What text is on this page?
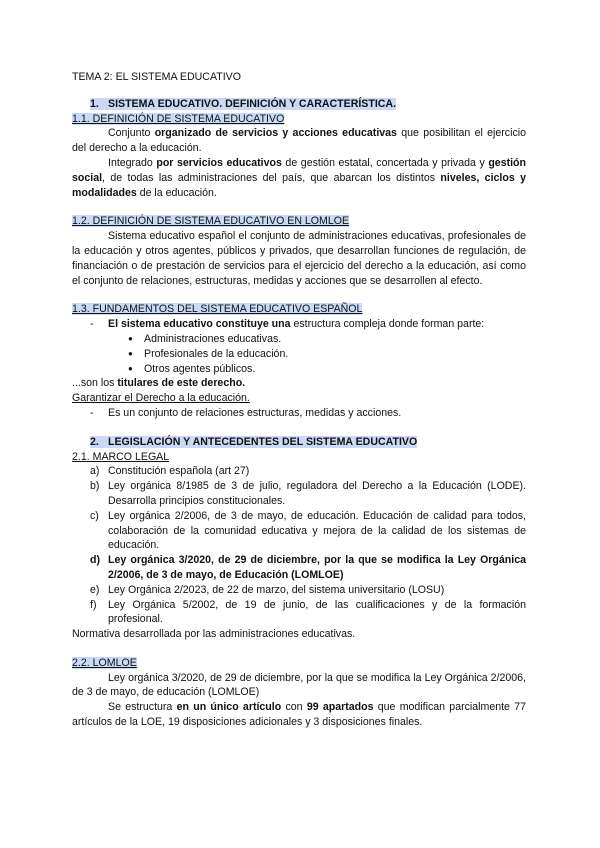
TEMA 2: EL SISTEMA EDUCATIVO

1. SISTEMA EDUCATIVO. DEFINICIÓN Y CARACTERÍSTICA.

1.1. DEFINICIÓN DE SISTEMA EDUCATIVO

Conjunto organizado de servicios y acciones educativas que posibilitan el ejercicio del derecho a la educación.

Integrado por servicios educativos de gestión estatal, concertada y privada y gestión social, de todas las administraciones del país, que abarcan los distintos niveles, ciclos y modalidades de la educación.

1.2. DEFINICIÓN DE SISTEMA EDUCATIVO EN LOMLOE

Sistema educativo español el conjunto de administraciones educativas, profesionales de la educación y otros agentes, públicos y privados, que desarrollan funciones de regulación, de financiación o de prestación de servicios para el ejercicio del derecho a la educación, así como el conjunto de relaciones, estructuras, medidas y acciones que se desarrollen al efecto.

1.3. FUNDAMENTOS DEL SISTEMA EDUCATIVO ESPAÑOL

- El sistema educativo constituye una estructura compleja donde forman parte:
● Administraciones educativas.
● Profesionales de la educación.
● Otros agentes públicos.

...son los titulares de este derecho.

Garantizar el Derecho a la educación.

- Es un conjunto de relaciones estructuras, medidas y acciones.

2. LEGISLACIÓN Y ANTECEDENTES DEL SISTEMA EDUCATIVO

2.1. MARCO LEGAL

a) Constitución española (art 27)
b) Ley orgánica 8/1985 de 3 de julio, reguladora del Derecho a la Educación (LODE). Desarrolla principios constitucionales.
c) Ley orgánica 2/2006, de 3 de mayo, de educación. Educación de calidad para todos, colaboración de la comunidad educativa y mejora de la calidad de los sistemas de educación.
d) Ley orgánica 3/2020, de 29 de diciembre, por la que se modifica la Ley Orgánica 2/2006, de 3 de mayo, de Educación (LOMLOE)
e) Ley Orgánica 2/2023, de 22 de marzo, del sistema universitario (LOSU)
f) Ley Orgánica 5/2002, de 19 de junio, de las cualificaciones y de la formación profesional.

Normativa desarrollada por las administraciones educativas.

2.2. LOMLOE

Ley orgánica 3/2020, de 29 de diciembre, por la que se modifica la Ley Orgánica 2/2006, de 3 de mayo, de educación (LOMLOE)

Se estructura en un único artículo con 99 apartados que modifican parcialmente 77 artículos de la LOE, 19 disposiciones adicionales y 3 disposiciones finales.
